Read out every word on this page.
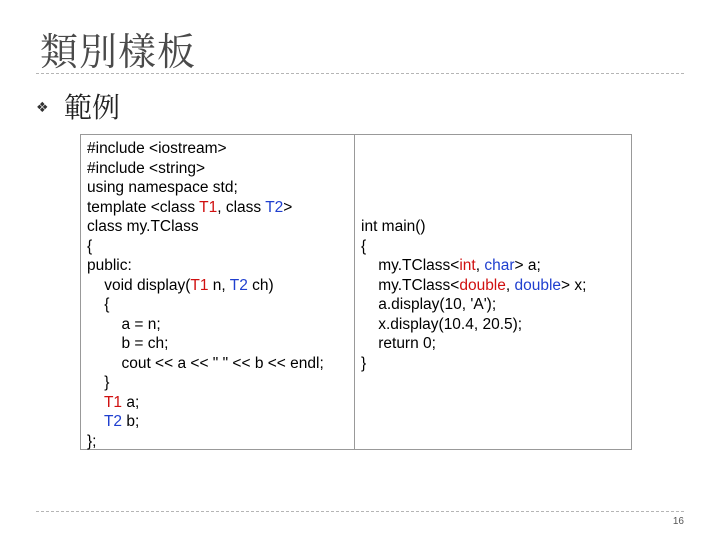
類別樣板
❖ 範例
#include <iostream>
#include <string>
using namespace std;
template <class T1, class T2>
class my.TClass
{
public:
void display(T1 n, T2 ch)
{
a = n;
b = ch;
cout << a << " " << b << endl;
}
T1 a;
T2 b;
};
int main()
{
my.TClass<int, char> a;
my.TClass<double, double> x;
a.display(10, 'A');
x.display(10.4, 20.5);
return 0;
}
16
